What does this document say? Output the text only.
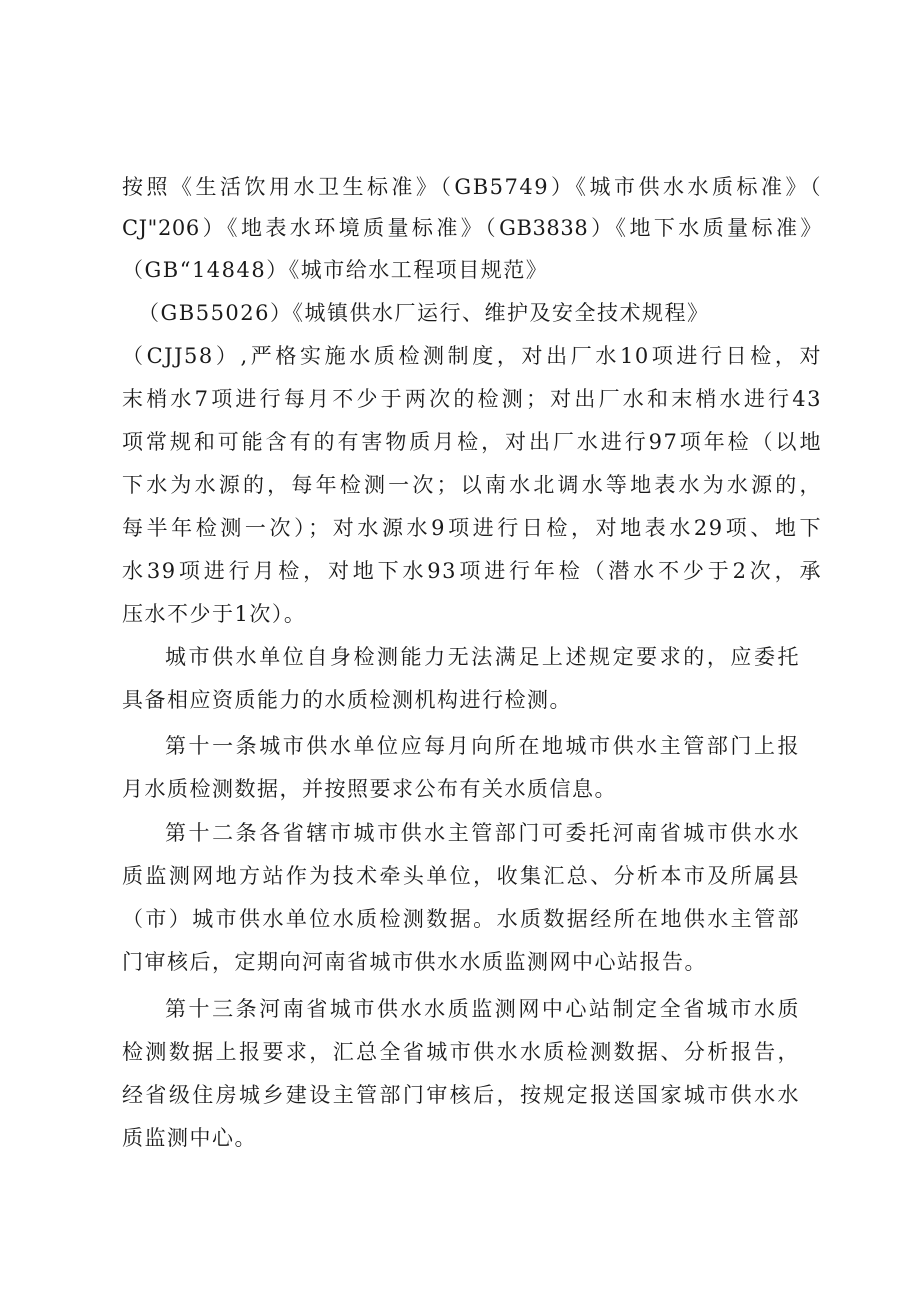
按照《生活饮用水卫生标准》（GB5749）《城市供水水质标准》（
CJ"206）《地表水环境质量标准》（GB3838）《地下水质量标准》
（GB“14848）《城市给水工程项目规范》
（GB55026）《城镇供水厂运行、维护及安全技术规程》
（CJJ58）,严格实施水质检测制度，对出厂水10项进行日检，对
末梢水7项进行每月不少于两次的检测；对出厂水和末梢水进行43
项常规和可能含有的有害物质月检，对出厂水进行97项年检（以地
下水为水源的，每年检测一次；以南水北调水等地表水为水源的，
每半年检测一次）；对水源水9项进行日检，对地表水29项、地下
水39项进行月检，对地下水93项进行年检（潜水不少于2次，承
压水不少于1次）。
城市供水单位自身检测能力无法满足上述规定要求的，应委托
具备相应资质能力的水质检测机构进行检测。
第十一条城市供水单位应每月向所在地城市供水主管部门上报
月水质检测数据，并按照要求公布有关水质信息。
第十二条各省辖市城市供水主管部门可委托河南省城市供水水
质监测网地方站作为技术牵头单位，收集汇总、分析本市及所属县
（市）城市供水单位水质检测数据。水质数据经所在地供水主管部
门审核后，定期向河南省城市供水水质监测网中心站报告。
第十三条河南省城市供水水质监测网中心站制定全省城市水质
检测数据上报要求，汇总全省城市供水水质检测数据、分析报告，
经省级住房城乡建设主管部门审核后，按规定报送国家城市供水水
质监测中心。
